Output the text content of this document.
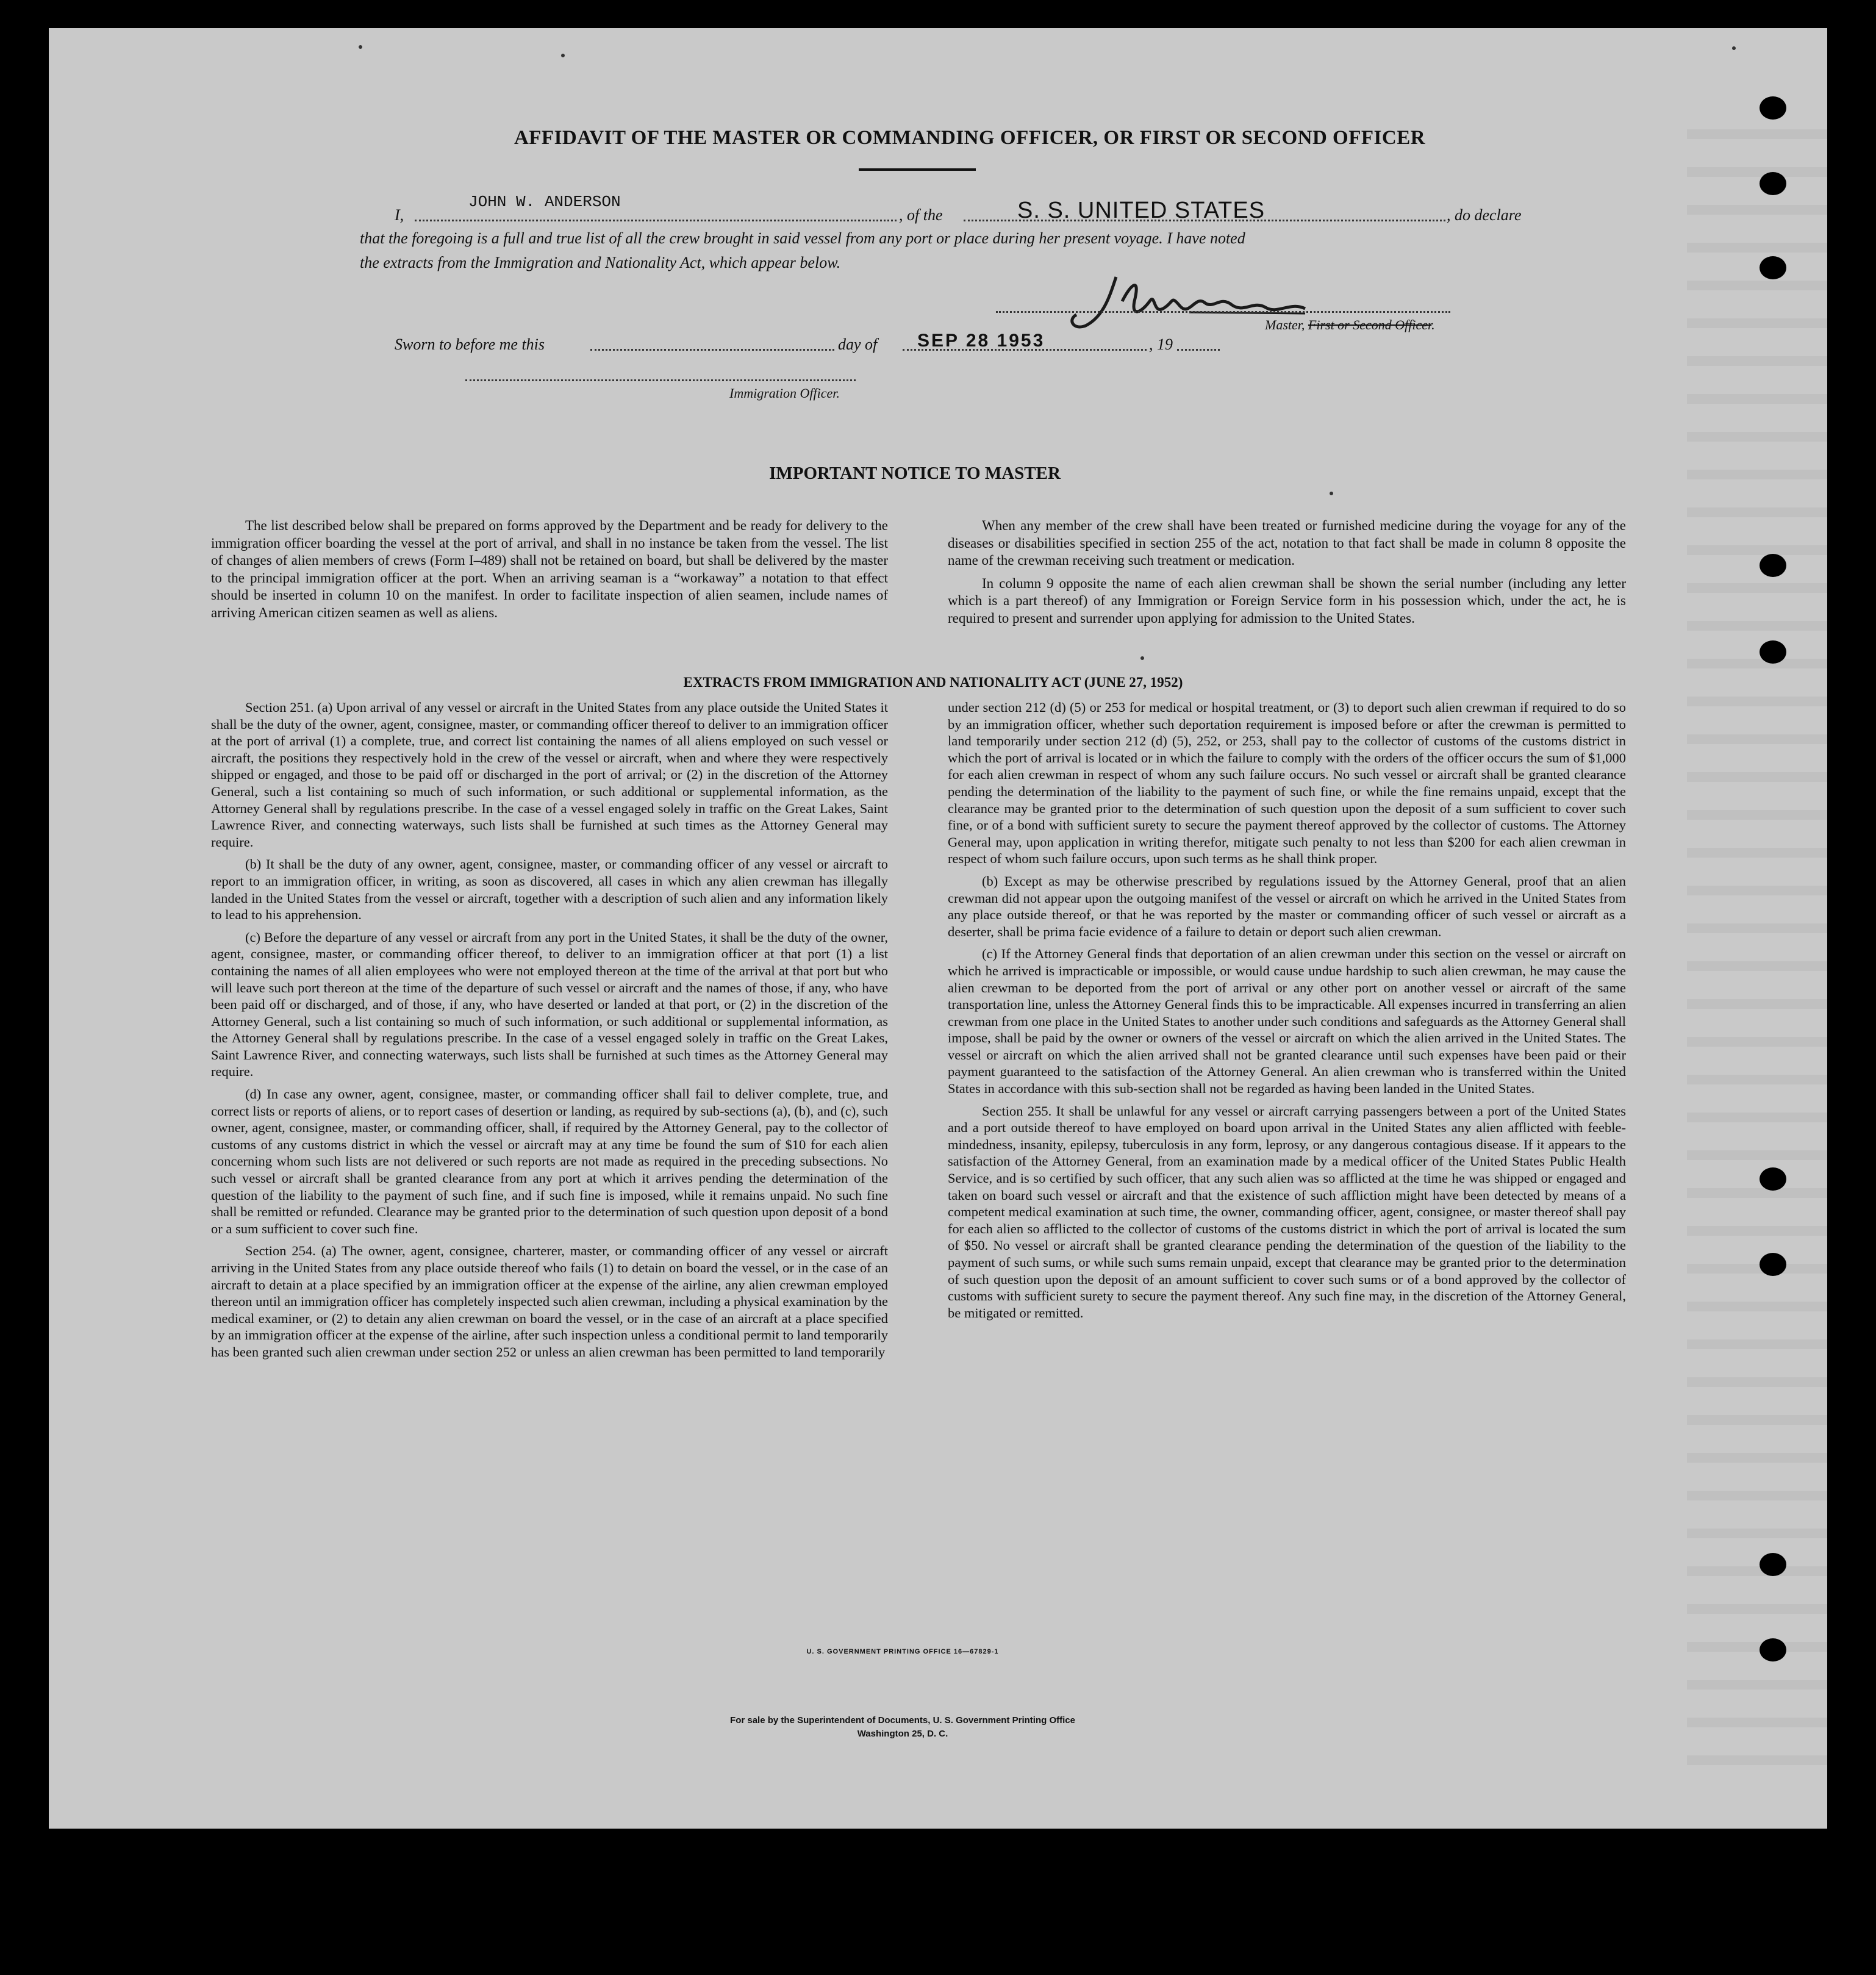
AFFIDAVIT OF THE MASTER OR COMMANDING OFFICER, OR FIRST OR SECOND OFFICER
I,
JOHN W. ANDERSON
, of the	S. S. UNITED STATES	, do declare
that the foregoing is a full and true list of all the crew brought in said vessel from any port or place during her present voyage. I have noted
the extracts from the Immigration and Nationality Act, which appear below.
Master, First or Second Officer.
Sworn to before me this	day of SEP 28 1953	, 19
Immigration Officer.
IMPORTANT NOTICE TO MASTER

The list described below shall be prepared on forms approved by the Department and be ready for delivery to the immigration officer boarding the vessel at the port of arrival, and shall in no instance be taken from the vessel. The list of changes of alien members of crews (Form I–489) shall not be retained on board, but shall be delivered by the master to the principal immigration officer at the port. When an arriving seaman is a “workaway” a notation to that effect should be inserted in column 10 on the manifest. In order to facilitate inspection of alien seamen, include names of arriving American citizen seamen as well as aliens.

When any member of the crew shall have been treated or furnished medicine during the voyage for any of the diseases or disabilities specified in section 255 of the act, notation to that fact shall be made in column 8 opposite the name of the crewman receiving such treatment or medication.

In column 9 opposite the name of each alien crewman shall be shown the serial number (including any letter which is a part thereof) of any Immigration or Foreign Service form in his possession which, under the act, he is required to present and surrender upon applying for admission to the United States.

EXTRACTS FROM IMMIGRATION AND NATIONALITY ACT (JUNE 27, 1952)

Section 251. (a) Upon arrival of any vessel or aircraft in the United States from any place outside the United States it shall be the duty of the owner, agent, consignee, master, or commanding officer thereof to deliver to an immigration officer at the port of arrival (1) a complete, true, and correct list containing the names of all aliens employed on such vessel or aircraft, the positions they respectively hold in the crew of the vessel or aircraft, when and where they were respectively shipped or engaged, and those to be paid off or discharged in the port of arrival; or (2) in the discretion of the Attorney General, such a list containing so much of such information, or such additional or supplemental information, as the Attorney General shall by regulations prescribe. In the case of a vessel engaged solely in traffic on the Great Lakes, Saint Lawrence River, and connecting waterways, such lists shall be furnished at such times as the Attorney General may require.

(b) It shall be the duty of any owner, agent, consignee, master, or commanding officer of any vessel or aircraft to report to an immigration officer, in writing, as soon as discovered, all cases in which any alien crewman has illegally landed in the United States from the vessel or aircraft, together with a description of such alien and any information likely to lead to his apprehension.

(c) Before the departure of any vessel or aircraft from any port in the United States, it shall be the duty of the owner, agent, consignee, master, or commanding officer thereof, to deliver to an immigration officer at that port (1) a list containing the names of all alien employees who were not employed thereon at the time of the arrival at that port but who will leave such port thereon at the time of the departure of such vessel or aircraft and the names of those, if any, who have been paid off or discharged, and of those, if any, who have deserted or landed at that port, or (2) in the discretion of the Attorney General, such a list containing so much of such information, or such additional or supplemental information, as the Attorney General shall by regulations prescribe. In the case of a vessel engaged solely in traffic on the Great Lakes, Saint Lawrence River, and connecting waterways, such lists shall be furnished at such times as the Attorney General may require.

(d) In case any owner, agent, consignee, master, or commanding officer shall fail to deliver complete, true, and correct lists or reports of aliens, or to report cases of desertion or landing, as required by sub-sections (a), (b), and (c), such owner, agent, consignee, master, or commanding officer, shall, if required by the Attorney General, pay to the collector of customs of any customs district in which the vessel or aircraft may at any time be found the sum of $10 for each alien concerning whom such lists are not delivered or such reports are not made as required in the preceding subsections. No such vessel or aircraft shall be granted clearance from any port at which it arrives pending the determination of the question of the liability to the payment of such fine, and if such fine is imposed, while it remains unpaid. No such fine shall be remitted or refunded. Clearance may be granted prior to the determination of such question upon deposit of a bond or a sum sufficient to cover such fine.

Section 254. (a) The owner, agent, consignee, charterer, master, or commanding officer of any vessel or aircraft arriving in the United States from any place outside thereof who fails (1) to detain on board the vessel, or in the case of an aircraft to detain at a place specified by an immigration officer at the expense of the airline, any alien crewman employed thereon until an immigration officer has completely inspected such alien crewman, including a physical examination by the medical examiner, or (2) to detain any alien crewman on board the vessel, or in the case of an aircraft at a place specified by an immigration officer at the expense of the airline, after such inspection unless a conditional permit to land temporarily has been granted such alien crewman under section 252 or unless an alien crewman has been permitted to land temporarily

under section 212 (d) (5) or 253 for medical or hospital treatment, or (3) to deport such alien crewman if required to do so by an immigration officer, whether such deportation requirement is imposed before or after the crewman is permitted to land temporarily under section 212 (d) (5), 252, or 253, shall pay to the collector of customs of the customs district in which the port of arrival is located or in which the failure to comply with the orders of the officer occurs the sum of $1,000 for each alien crewman in respect of whom any such failure occurs. No such vessel or aircraft shall be granted clearance pending the determination of the liability to the payment of such fine, or while the fine remains unpaid, except that the clearance may be granted prior to the determination of such question upon the deposit of a sum sufficient to cover such fine, or of a bond with sufficient surety to secure the payment thereof approved by the collector of customs. The Attorney General may, upon application in writing therefor, mitigate such penalty to not less than $200 for each alien crewman in respect of whom such failure occurs, upon such terms as he shall think proper.

(b) Except as may be otherwise prescribed by regulations issued by the Attorney General, proof that an alien crewman did not appear upon the outgoing manifest of the vessel or aircraft on which he arrived in the United States from any place outside thereof, or that he was reported by the master or commanding officer of such vessel or aircraft as a deserter, shall be prima facie evidence of a failure to detain or deport such alien crewman.

(c) If the Attorney General finds that deportation of an alien crewman under this section on the vessel or aircraft on which he arrived is impracticable or impossible, or would cause undue hardship to such alien crewman, he may cause the alien crewman to be deported from the port of arrival or any other port on another vessel or aircraft of the same transportation line, unless the Attorney General finds this to be impracticable. All expenses incurred in transferring an alien crewman from one place in the United States to another under such conditions and safeguards as the Attorney General shall impose, shall be paid by the owner or owners of the vessel or aircraft on which the alien arrived in the United States. The vessel or aircraft on which the alien arrived shall not be granted clearance until such expenses have been paid or their payment guaranteed to the satisfaction of the Attorney General. An alien crewman who is transferred within the United States in accordance with this sub-section shall not be regarded as having been landed in the United States.

Section 255. It shall be unlawful for any vessel or aircraft carrying passengers between a port of the United States and a port outside thereof to have employed on board upon arrival in the United States any alien afflicted with feeble-mindedness, insanity, epilepsy, tuberculosis in any form, leprosy, or any dangerous contagious disease. If it appears to the satisfaction of the Attorney General, from an examination made by a medical officer of the United States Public Health Service, and is so certified by such officer, that any such alien was so afflicted at the time he was shipped or engaged and taken on board such vessel or aircraft and that the existence of such affliction might have been detected by means of a competent medical examination at such time, the owner, commanding officer, agent, consignee, or master thereof shall pay for each alien so afflicted to the collector of customs of the customs district in which the port of arrival is located the sum of $50. No vessel or aircraft shall be granted clearance pending the determination of the question of the liability to the payment of such sums, or while such sums remain unpaid, except that clearance may be granted prior to the determination of such question upon the deposit of an amount sufficient to cover such sums or of a bond approved by the collector of customs with sufficient surety to secure the payment thereof. Any such fine may, in the discretion of the Attorney General, be mitigated or remitted.

U. S. GOVERNMENT PRINTING OFFICE 16—67829-1
For sale by the Superintendent of Documents, U. S. Government Printing Office
Washington 25, D. C.
